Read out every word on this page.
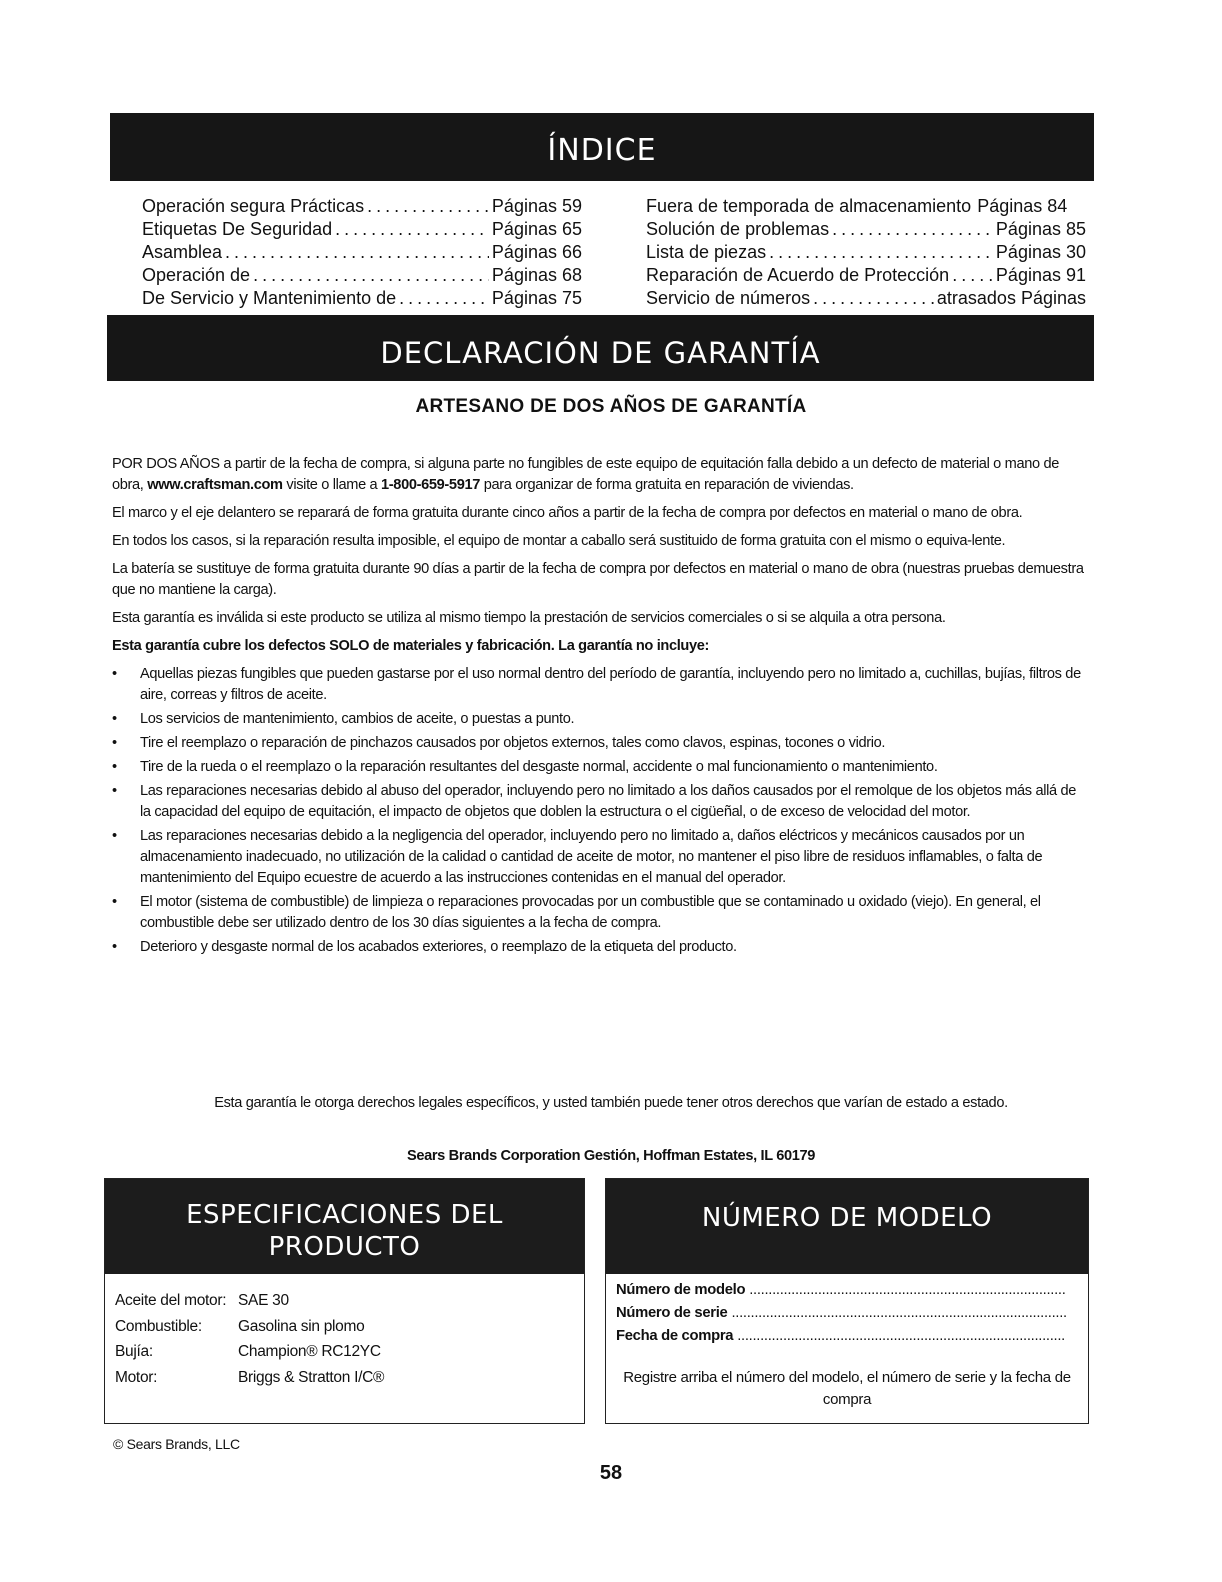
ÍNDICE
Operación segura Prácticas . . .	Páginas 59
Etiquetas De Seguridad . . .	Páginas 65
Asamblea . . .	Páginas 66
Operación de . . .	Páginas 68
De Servicio y Mantenimiento de . . .	Páginas 75
Fuera de temporada de almacenamiento Páginas 84
Solución de problemas . . .	Páginas 85
Lista de piezas . . .	Páginas 30
Reparación de Acuerdo de Protección . . .	Páginas 91
Servicio de números . . .	atrasados Páginas
DECLARACIÓN DE GARANTÍA
ARTESANO DE DOS AÑOS DE GARANTÍA

POR DOS AÑOS a partir de la fecha de compra, si alguna parte no fungibles de este equipo de equitación falla debido a un defecto de material o mano de obra, www.craftsman.com visite o llame a 1-800-659-5917 para organizar de forma gratuita en reparación de viviendas.

El marco y el eje delantero se reparará de forma gratuita durante cinco años a partir de la fecha de compra por defectos en material o mano de obra.

En todos los casos, si la reparación resulta imposible, el equipo de montar a caballo será sustituido de forma gratuita con el mismo o equiva-lente.

La batería se sustituye de forma gratuita durante 90 días a partir de la fecha de compra por defectos en material o mano de obra (nuestras pruebas demuestra que no mantiene la carga).

Esta garantía es inválida si este producto se utiliza al mismo tiempo la prestación de servicios comerciales o si se alquila a otra persona.

Esta garantía cubre los defectos SOLO de materiales y fabricación. La garantía no incluye:

• Aquellas piezas fungibles que pueden gastarse por el uso normal dentro del período de garantía, incluyendo pero no limitado a, cuchillas, bujías, filtros de aire, correas y filtros de aceite.
• Los servicios de mantenimiento, cambios de aceite, o puestas a punto.
• Tire el reemplazo o reparación de pinchazos causados por objetos externos, tales como clavos, espinas, tocones o vidrio.
• Tire de la rueda o el reemplazo o la reparación resultantes del desgaste normal, accidente o mal funcionamiento o mantenimiento.
• Las reparaciones necesarias debido al abuso del operador, incluyendo pero no limitado a los daños causados por el remolque de los objetos más allá de la capacidad del equipo de equitación, el impacto de objetos que doblen la estructura o el cigüeñal, o de exceso de velocidad del motor.
• Las reparaciones necesarias debido a la negligencia del operador, incluyendo pero no limitado a, daños eléctricos y mecánicos causados por un almacenamiento inadecuado, no utilización de la calidad o cantidad de aceite de motor, no mantener el piso libre de residuos inflamables, o falta de mantenimiento del Equipo ecuestre de acuerdo a las instrucciones contenidas en el manual del operador.
• El motor (sistema de combustible) de limpieza o reparaciones provocadas por un combustible que se contaminado u oxidado (viejo). En general, el combustible debe ser utilizado dentro de los 30 días siguientes a la fecha de compra.
• Deterioro y desgaste normal de los acabados exteriores, o reemplazo de la etiqueta del producto.
Esta garantía le otorga derechos legales específicos, y usted también puede tener otros derechos que varían de estado a estado.
Sears Brands Corporation Gestión, Hoffman Estates, IL 60179
ESPECIFICACIONES DEL
PRODUCTO
Aceite del motor:	SAE 30
Combustible:	Gasolina sin plomo
Bujía:	Champion® RC12YC
Motor:	Briggs & Stratton I/C®
NÚMERO DE MODELO
Número de modelo
.....
Número de serie
.....
Fecha de compra
.....
Registre arriba el número del modelo, el número de serie y la fecha de compra
© Sears Brands, LLC
58
